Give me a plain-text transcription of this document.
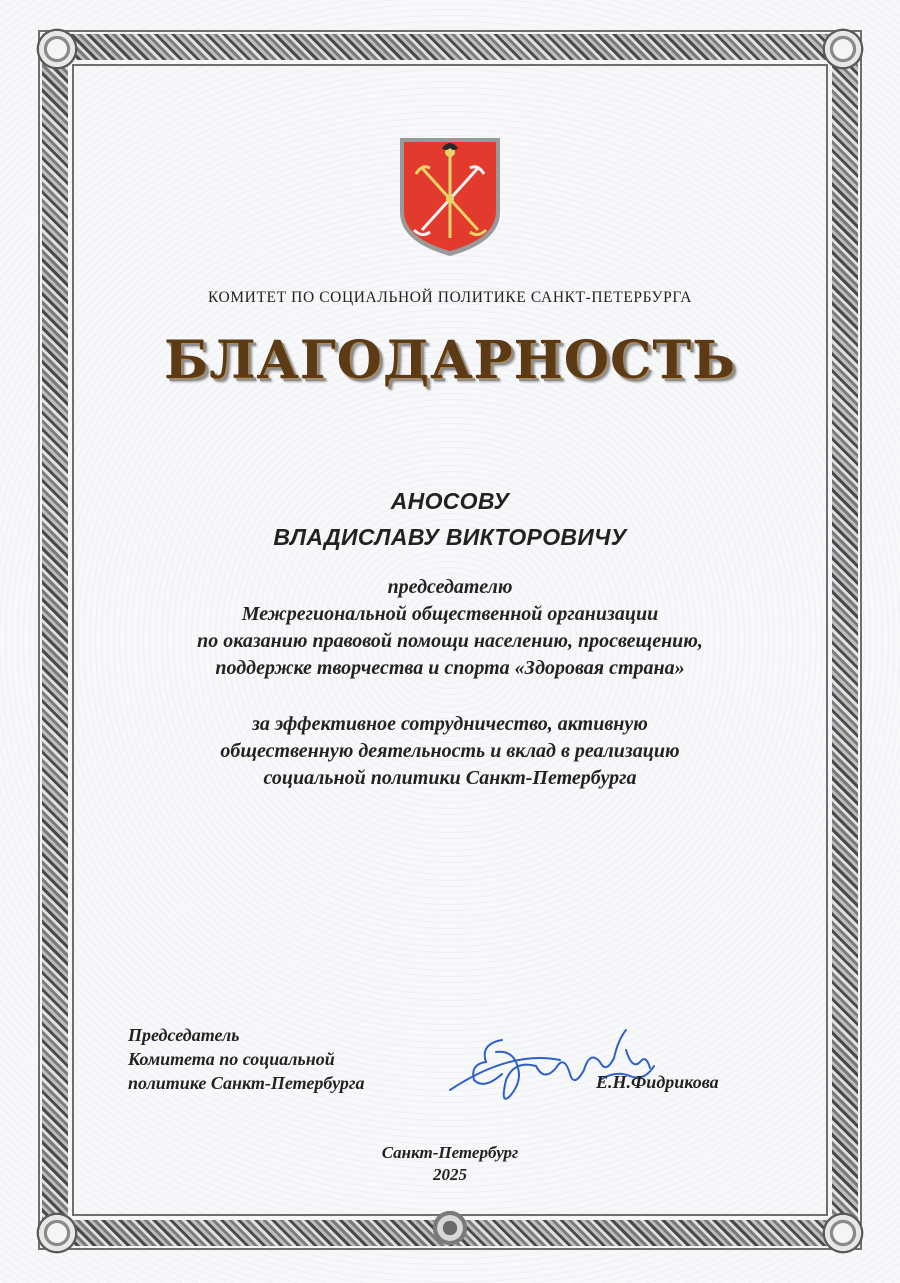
КОМИТЕТ ПО СОЦИАЛЬНОЙ ПОЛИТИКЕ САНКТ-ПЕТЕРБУРГА
БЛАГОДАРНОСТЬ
АНОСОВУ
ВЛАДИСЛАВУ ВИКТОРОВИЧУ
председателю
Межрегиональной общественной организации
по оказанию правовой помощи населению, просвещению,
поддержке творчества и спорта «Здоровая страна»
за эффективное сотрудничество, активную
общественную деятельность и вклад в реализацию
социальной политики Санкт-Петербурга
Председатель
Комитета по социальной
политике Санкт-Петербурга	Е.Н.Фидрикова
Санкт-Петербург
2025
